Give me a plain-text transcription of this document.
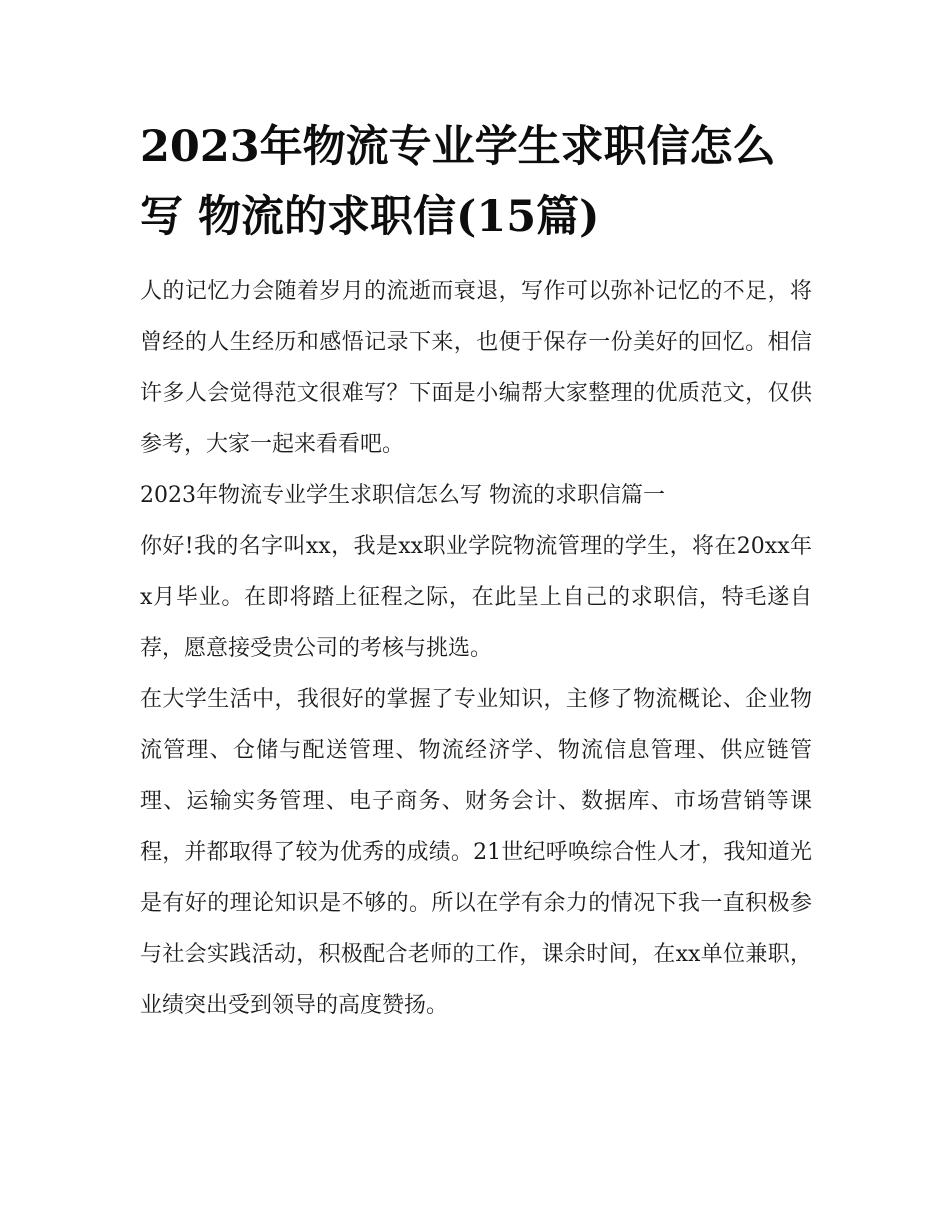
2023年物流专业学生求职信怎么写 物流的求职信(15篇)

人的记忆力会随着岁月的流逝而衰退，写作可以弥补记忆的不足，将曾经的人生经历和感悟记录下来，也便于保存一份美好的回忆。相信许多人会觉得范文很难写？下面是小编帮大家整理的优质范文，仅供参考，大家一起来看看吧。

2023年物流专业学生求职信怎么写 物流的求职信篇一

你好!我的名字叫xx，我是xx职业学院物流管理的学生，将在20xx年x月毕业。在即将踏上征程之际，在此呈上自己的求职信，特毛遂自荐，愿意接受贵公司的考核与挑选。

在大学生活中，我很好的掌握了专业知识，主修了物流概论、企业物流管理、仓储与配送管理、物流经济学、物流信息管理、供应链管理、运输实务管理、电子商务、财务会计、数据库、市场营销等课程，并都取得了较为优秀的成绩。21世纪呼唤综合性人才，我知道光是有好的理论知识是不够的。所以在学有余力的情况下我一直积极参与社会实践活动，积极配合老师的工作，课余时间，在xx单位兼职，业绩突出受到领导的高度赞扬。
